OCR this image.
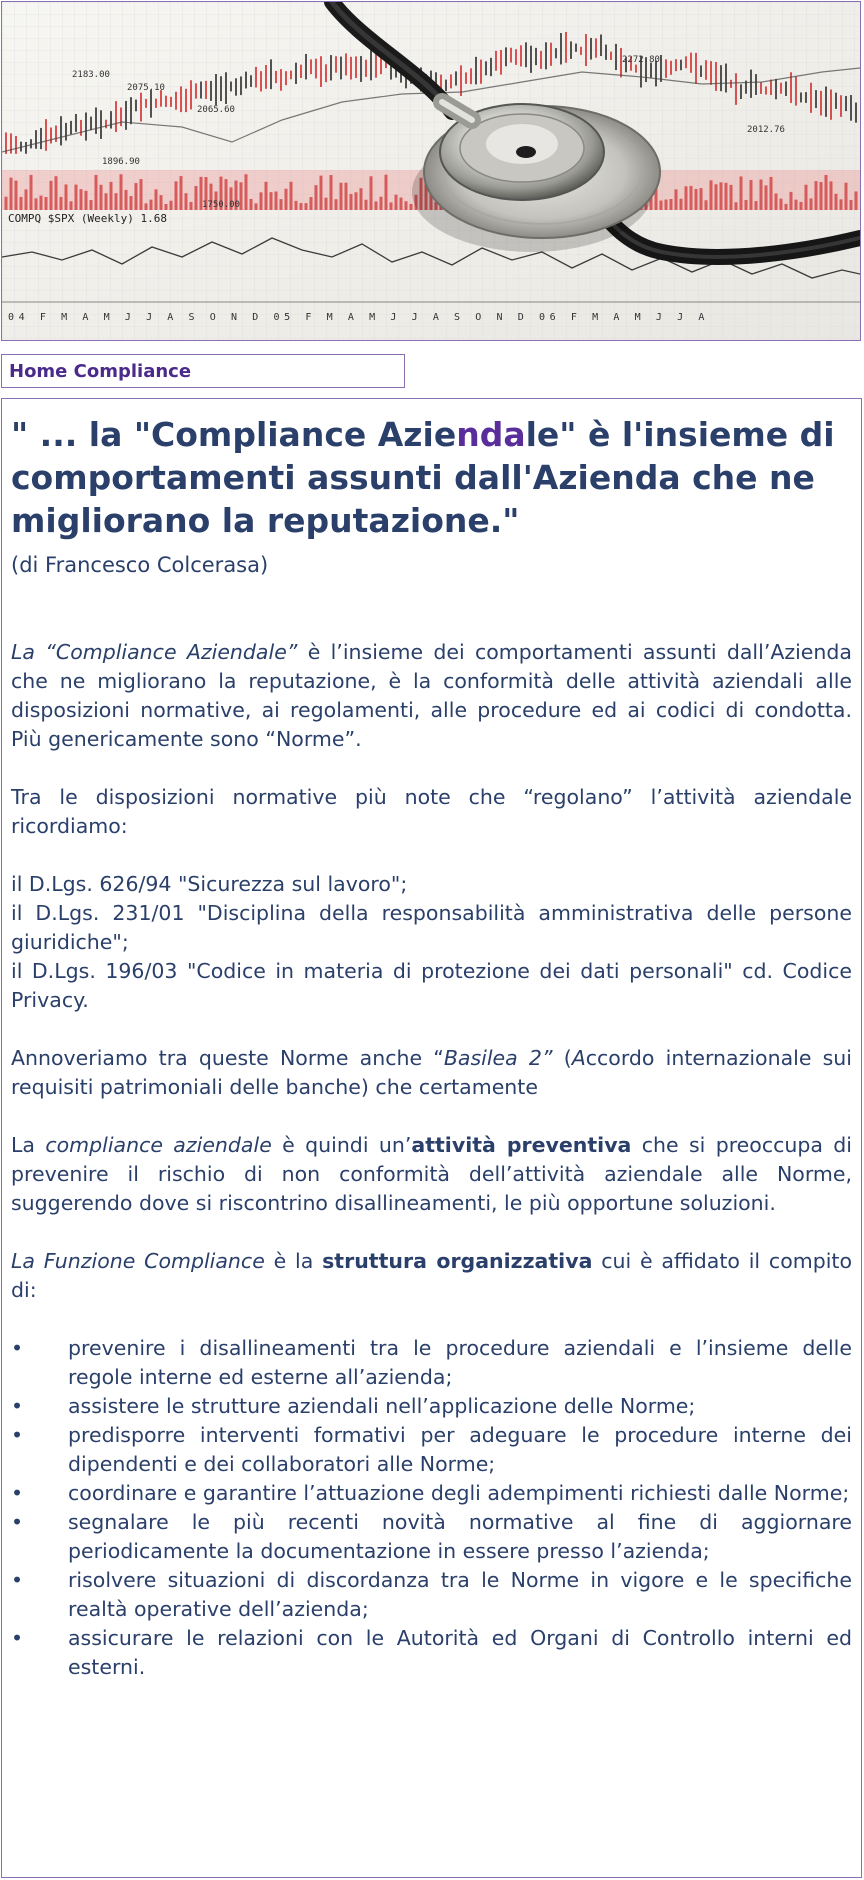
2183.00
2075.10
2065.60
2272.80
2012.76
1896.90
1750.00
COMPQ $SPX (Weekly) 1.68
04 F M A M J J A S O N D 05 F M A M J J A S O N D 06 F M A M J J A
Home Compliance

" ... la "Compliance Aziendale" è l'insieme di comportamenti assunti dall'Azienda che ne migliorano la reputazione."

(di Francesco Colcerasa)

La “Compliance Aziendale” è l’insieme dei comportamenti assunti dall’Azienda che ne migliorano la reputazione, è la conformità delle attività aziendali alle disposizioni normative, ai regolamenti, alle procedure ed ai codici di condotta. Più genericamente sono “Norme”.

Tra le disposizioni normative più note che “regolano” l’attività aziendale ricordiamo:

il D.Lgs. 626/94 "Sicurezza sul lavoro";

il D.Lgs. 231/01 "Disciplina della responsabilità amministrativa delle persone giuridiche";

il D.Lgs. 196/03 "Codice in materia di protezione dei dati personali" cd. Codice Privacy.

Annoveriamo tra queste Norme anche “Basilea 2” (Accordo internazionale sui requisiti patrimoniali delle banche) che certamente

La compliance aziendale è quindi un’attività preventiva che si preoccupa di prevenire il rischio di non conformità dell’attività aziendale alle Norme, suggerendo dove si riscontrino disallineamenti, le più opportune soluzioni.

La Funzione Compliance è la struttura organizzativa cui è affidato il compito di:

•	prevenire i disallineamenti tra le procedure aziendali e l’insieme delle regole interne ed esterne all’azienda;
•	assistere le strutture aziendali nell’applicazione delle Norme;
•	predisporre interventi formativi per adeguare le procedure interne dei dipendenti e dei collaboratori alle Norme;
•	coordinare e garantire l’attuazione degli adempimenti richiesti dalle Norme;
•	segnalare le più recenti novità normative al fine di aggiornare periodicamente la documentazione in essere presso l’azienda;
•	risolvere situazioni di discordanza tra le Norme in vigore e le specifiche realtà operative dell’azienda;
•	assicurare le relazioni con le Autorità ed Organi di Controllo interni ed esterni.
